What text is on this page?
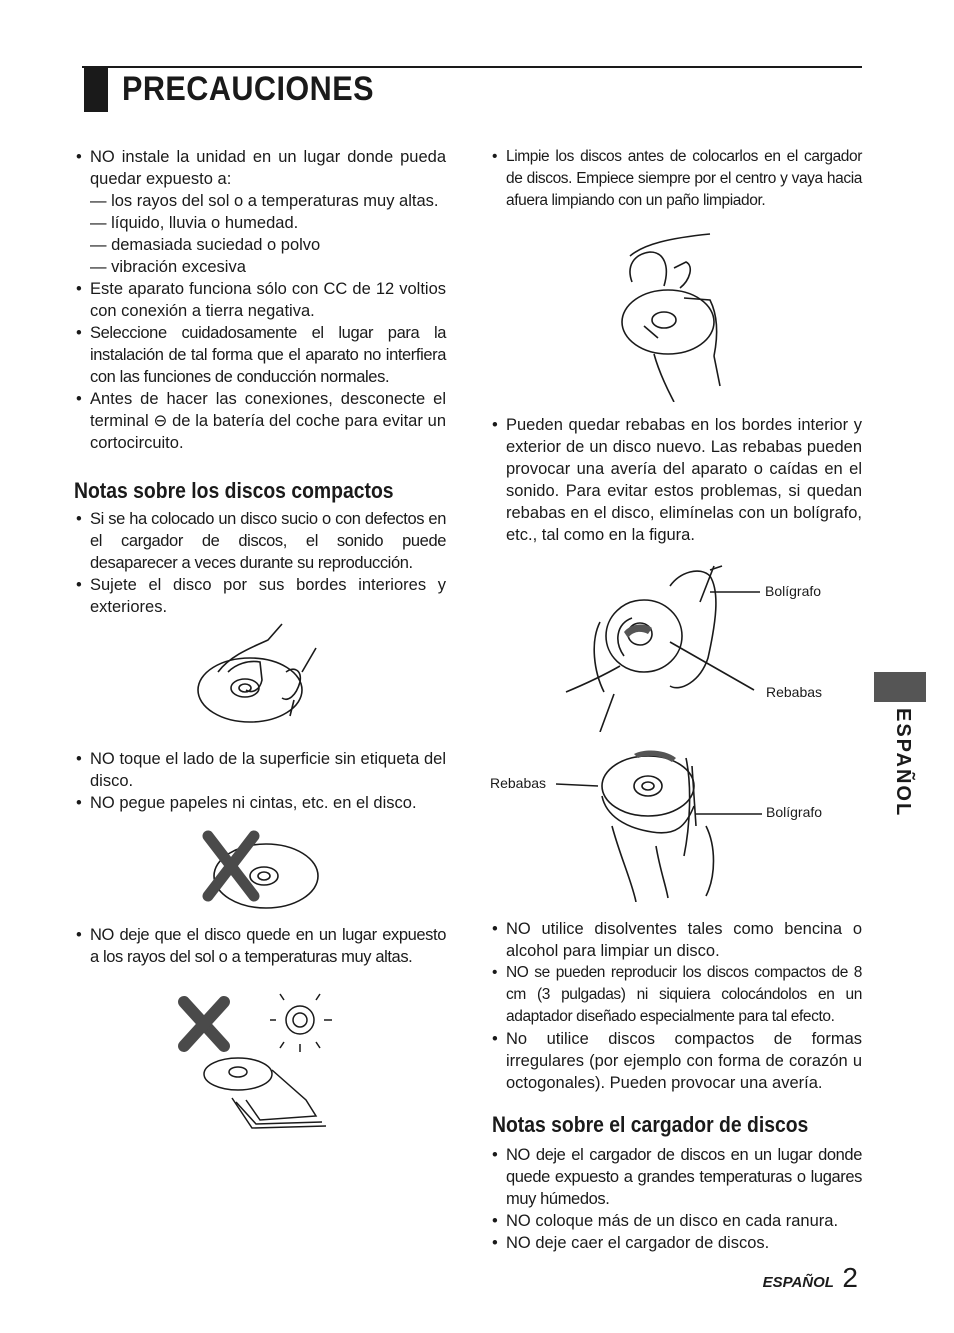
PRECAUCIONES
• NO instale la unidad en un lugar donde pueda quedar expuesto a:
— los rayos del sol o a temperaturas muy altas.
— líquido, lluvia o humedad.
— demasiada suciedad o polvo
— vibración excesiva
• Este aparato funciona sólo con CC de 12 voltios con conexión a tierra negativa.
• Seleccione cuidadosamente el lugar para la instalación de tal forma que el aparato no interfiera con las funciones de conducción normales.
• Antes de hacer las conexiones, desconecte el terminal ⊖ de la batería del coche para evitar un cortocircuito.
Notas sobre los discos compactos
• Si se ha colocado un disco sucio o con defectos en el cargador de discos, el sonido puede desaparecer a veces durante su reproducción.
• Sujete el disco por sus bordes interiores y exteriores.
• NO toque el lado de la superficie sin etiqueta del disco.
• NO pegue papeles ni cintas, etc. en el disco.
• NO deje que el disco quede en un lugar expuesto a los rayos del sol o a temperaturas muy altas.
• Limpie los discos antes de colocarlos en el cargador de discos. Empiece siempre por el centro y vaya hacia afuera limpiando con un paño limpiador.
• Pueden quedar rebabas en los bordes interior y exterior de un disco nuevo. Las rebabas pueden provocar una avería del aparato o caídas en el sonido. Para evitar estos problemas, si quedan rebabas en el disco, elimínelas con un bolígrafo, etc., tal como en la figura.
Bolígrafo
Rebabas
Rebabas
Bolígrafo
• NO utilice disolventes tales como bencina o alcohol para limpiar un disco.
• NO se pueden reproducir los discos compactos de 8 cm (3 pulgadas) ni siquiera colocándolos en un adaptador diseñado especialmente para tal efecto.
• No utilice discos compactos de formas irregulares (por ejemplo con forma de corazón u octogonales). Pueden provocar una avería.
Notas sobre el cargador de discos
• NO deje el cargador de discos en un lugar donde quede expuesto a grandes temperaturas o lugares muy húmedos.
• NO coloque más de un disco en cada ranura.
• NO deje caer el cargador de discos.
ESPAÑOL
ESPAÑOL 2
